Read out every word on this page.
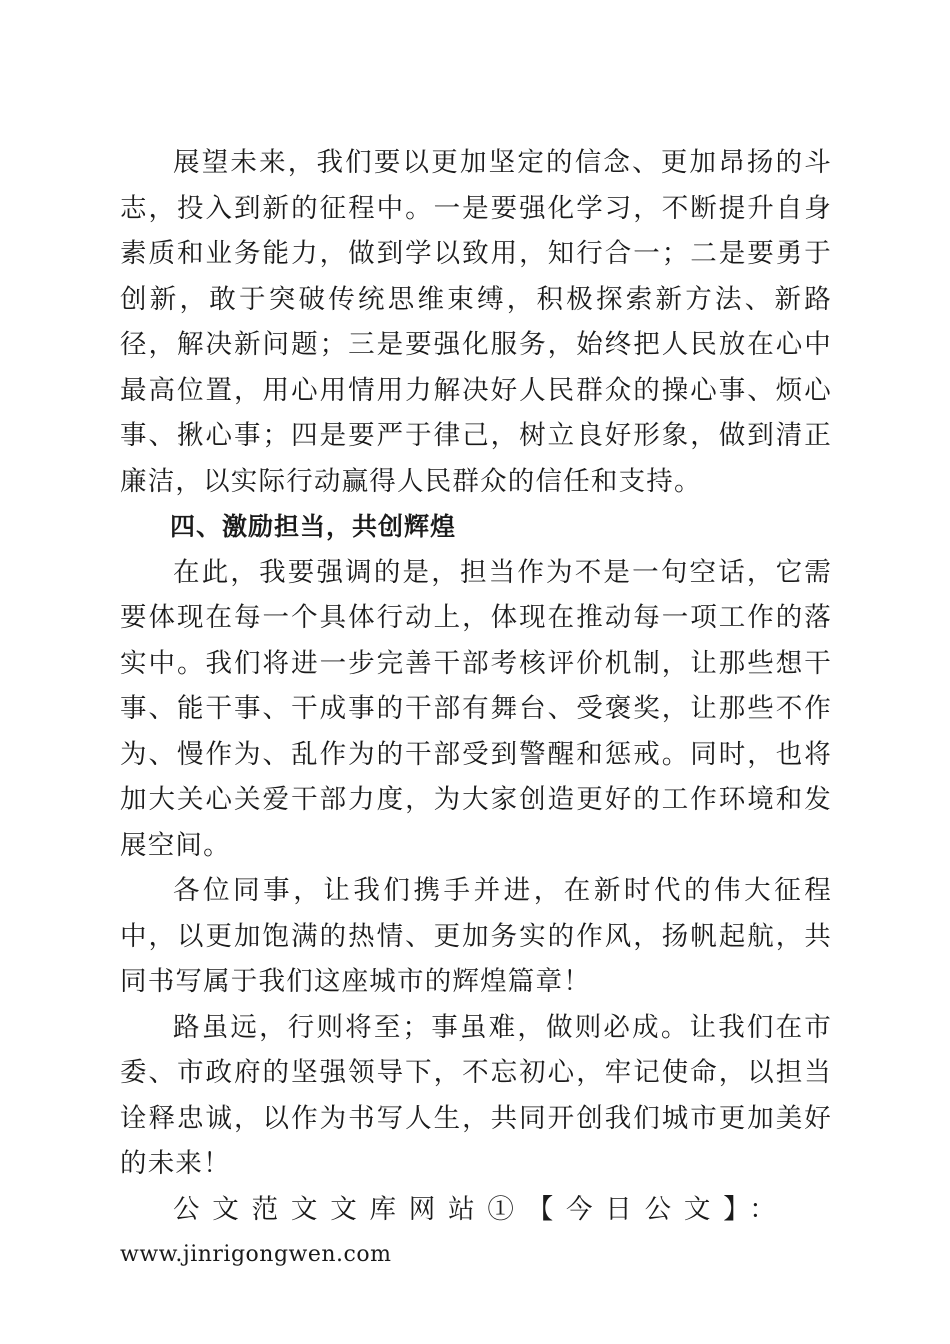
展望未来，我们要以更加坚定的信念、更加昂扬的斗志，投入到新的征程中。一是要强化学习，不断提升自身素质和业务能力，做到学以致用，知行合一；二是要勇于创新，敢于突破传统思维束缚，积极探索新方法、新路径，解决新问题；三是要强化服务，始终把人民放在心中最高位置，用心用情用力解决好人民群众的操心事、烦心事、揪心事；四是要严于律己，树立良好形象，做到清正廉洁，以实际行动赢得人民群众的信任和支持。

四、激励担当，共创辉煌

在此，我要强调的是，担当作为不是一句空话，它需要体现在每一个具体行动上，体现在推动每一项工作的落实中。我们将进一步完善干部考核评价机制，让那些想干事、能干事、干成事的干部有舞台、受褒奖，让那些不作为、慢作为、乱作为的干部受到警醒和惩戒。同时，也将加大关心关爱干部力度，为大家创造更好的工作环境和发展空间。

各位同事，让我们携手并进，在新时代的伟大征程中，以更加饱满的热情、更加务实的作风，扬帆起航，共同书写属于我们这座城市的辉煌篇章！

路虽远，行则将至；事虽难，做则必成。让我们在市委、市政府的坚强领导下，不忘初心，牢记使命，以担当诠释忠诚，以作为书写人生，共同开创我们城市更加美好的未来！

公文范文文库网站①【今日公文】：

www.jinrigongwen.com
